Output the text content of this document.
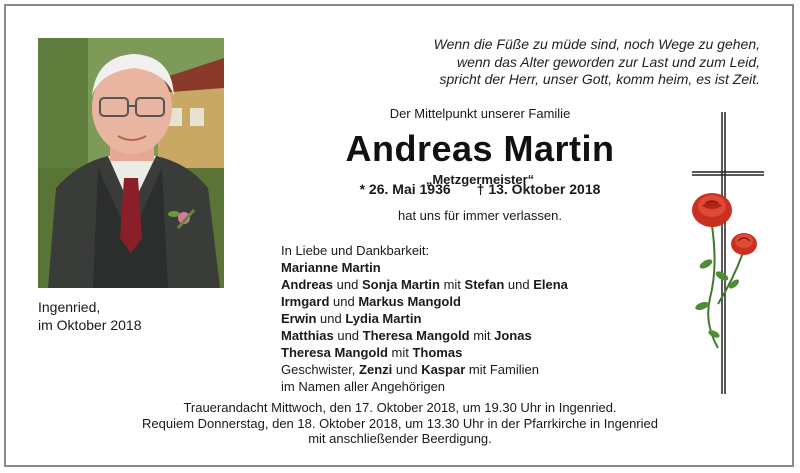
Ingenried,
im Oktober 2018
Wenn die Füße zu müde sind, noch Wege zu gehen,
wenn das Alter geworden zur Last und zum Leid,
spricht der Herr, unser Gott, komm heim, es ist Zeit.
Der Mittelpunkt unserer Familie
Andreas Martin
„Metzgermeister“
* 26. Mai 1936 † 13. Oktober 2018
hat uns für immer verlassen.
In Liebe und Dankbarkeit:
Marianne Martin
Andreas und Sonja Martin mit Stefan und Elena
Irmgard und Markus Mangold
Erwin und Lydia Martin
Matthias und Theresa Mangold mit Jonas
Theresa Mangold mit Thomas
Geschwister, Zenzi und Kaspar mit Familien
im Namen aller Angehörigen
Trauerandacht Mittwoch, den 17. Oktober 2018, um 19.30 Uhr in Ingenried.
Requiem Donnerstag, den 18. Oktober 2018, um 13.30 Uhr in der Pfarrkirche in Ingenried
mit anschließender Beerdigung.
